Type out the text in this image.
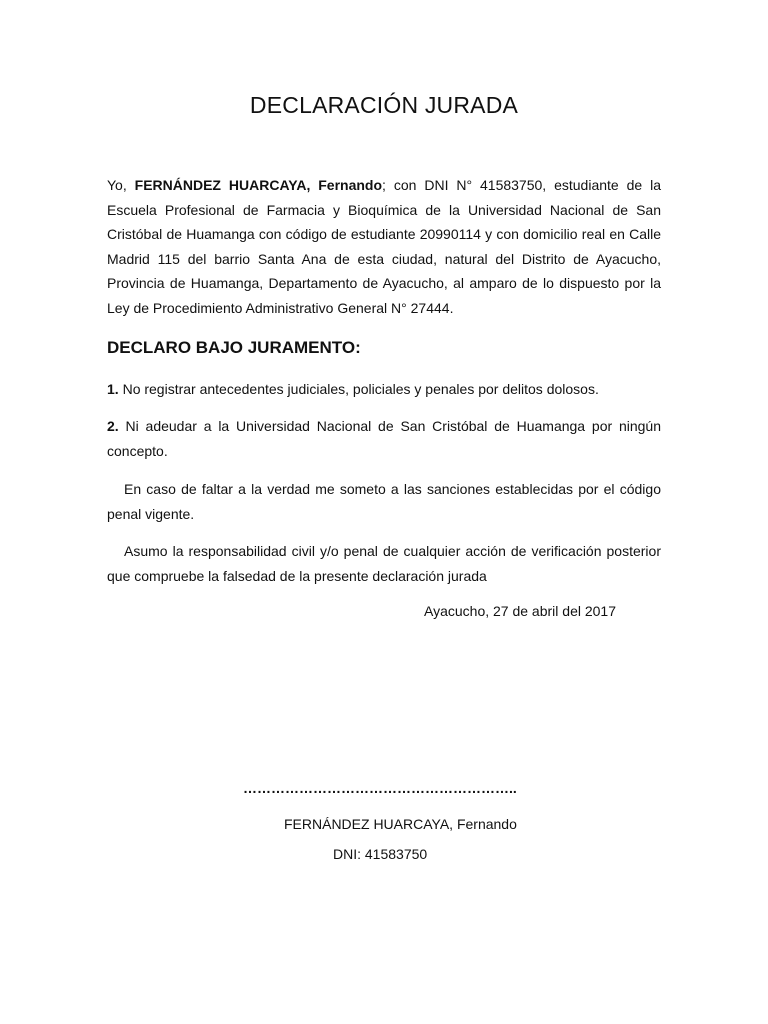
DECLARACIÓN JURADA

Yo, FERNÁNDEZ HUARCAYA, Fernando; con DNI N° 41583750, estudiante de la Escuela Profesional de Farmacia y Bioquímica de la Universidad Nacional de San Cristóbal de Huamanga con código de estudiante 20990114 y con domicilio real en Calle Madrid 115 del barrio Santa Ana de esta ciudad, natural del Distrito de Ayacucho, Provincia de Huamanga, Departamento de Ayacucho, al amparo de lo dispuesto por la Ley de Procedimiento Administrativo General N° 27444.

DECLARO BAJO JURAMENTO:

1. No registrar antecedentes judiciales, policiales y penales por delitos dolosos.

2. Ni adeudar a la Universidad Nacional de San Cristóbal de Huamanga por ningún concepto.

En caso de faltar a la verdad me someto a las sanciones establecidas por el código penal vigente.

Asumo la responsabilidad civil y/o penal de cualquier acción de verificación posterior que compruebe la falsedad de la presente declaración jurada

Ayacucho, 27 de abril del 2017

…………………………………………………..

FERNÁNDEZ HUARCAYA, Fernando

DNI: 41583750
